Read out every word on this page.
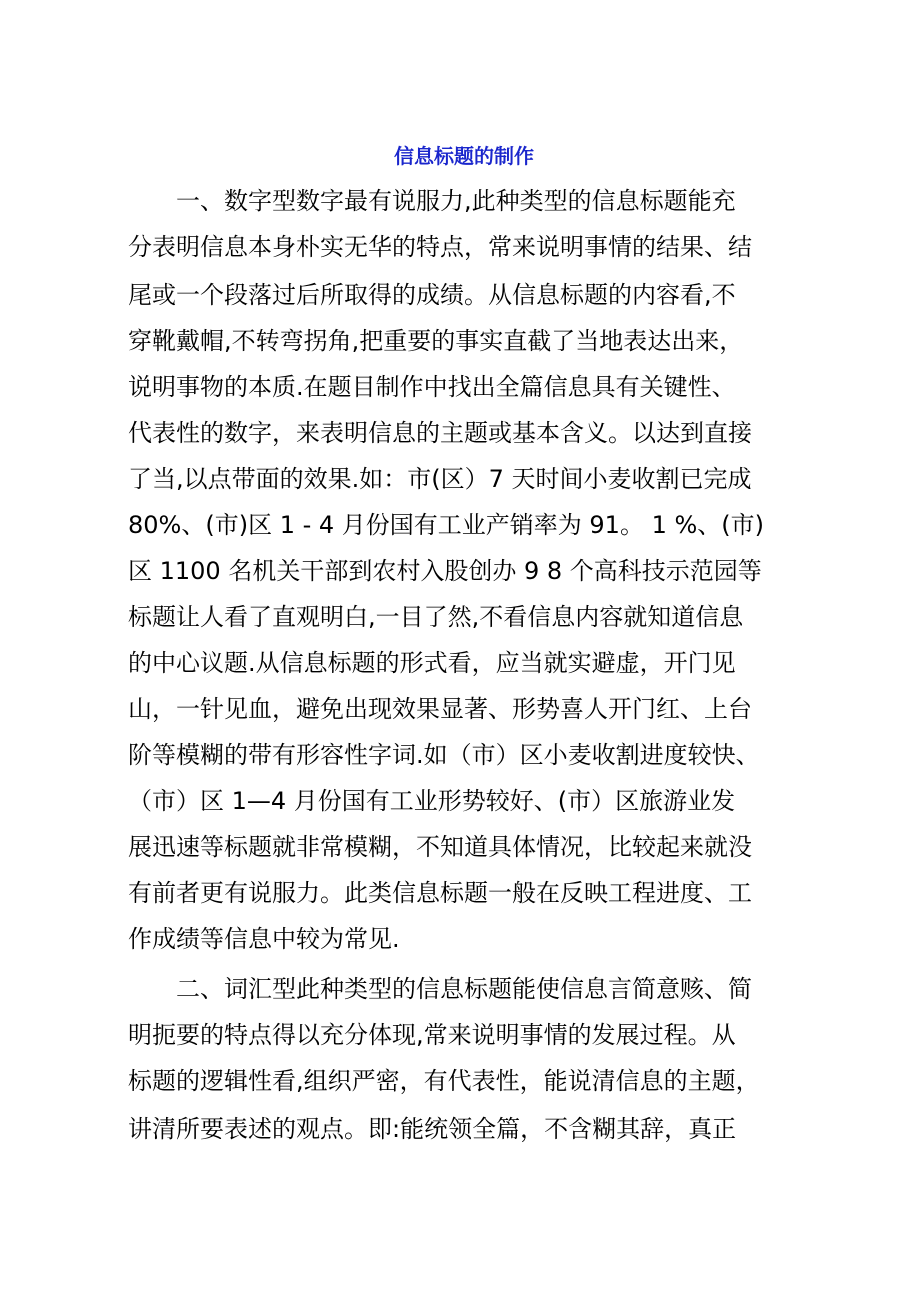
信息标题的制作
一、数字型数字最有说服力,此种类型的信息标题能充
分表明信息本身朴实无华的特点，常来说明事情的结果、结
尾或一个段落过后所取得的成绩。从信息标题的内容看,不
穿靴戴帽,不转弯拐角,把重要的事实直截了当地表达出来，
说明事物的本质.在题目制作中找出全篇信息具有关键性、
代表性的数字，来表明信息的主题或基本含义。以达到直接
了当,以点带面的效果.如：市(区）7 天时间小麦收割已完成
80%、(市)区 1 - 4 月份国有工业产销率为 91。 1 %、(市)
区 1100 名机关干部到农村入股创办 9 8 个高科技示范园等
标题让人看了直观明白,一目了然,不看信息内容就知道信息
的中心议题.从信息标题的形式看，应当就实避虚，开门见
山，一针见血，避免出现效果显著、形势喜人开门红、上台
阶等模糊的带有形容性字词.如（市）区小麦收割进度较快、
（市）区 1—4 月份国有工业形势较好、(市）区旅游业发
展迅速等标题就非常模糊，不知道具体情况，比较起来就没
有前者更有说服力。此类信息标题一般在反映工程进度、工
作成绩等信息中较为常见.
二、词汇型此种类型的信息标题能使信息言简意赅、简
明扼要的特点得以充分体现,常来说明事情的发展过程。从
标题的逻辑性看,组织严密，有代表性，能说清信息的主题，
讲清所要表述的观点。即:能统领全篇，不含糊其辞，真正
